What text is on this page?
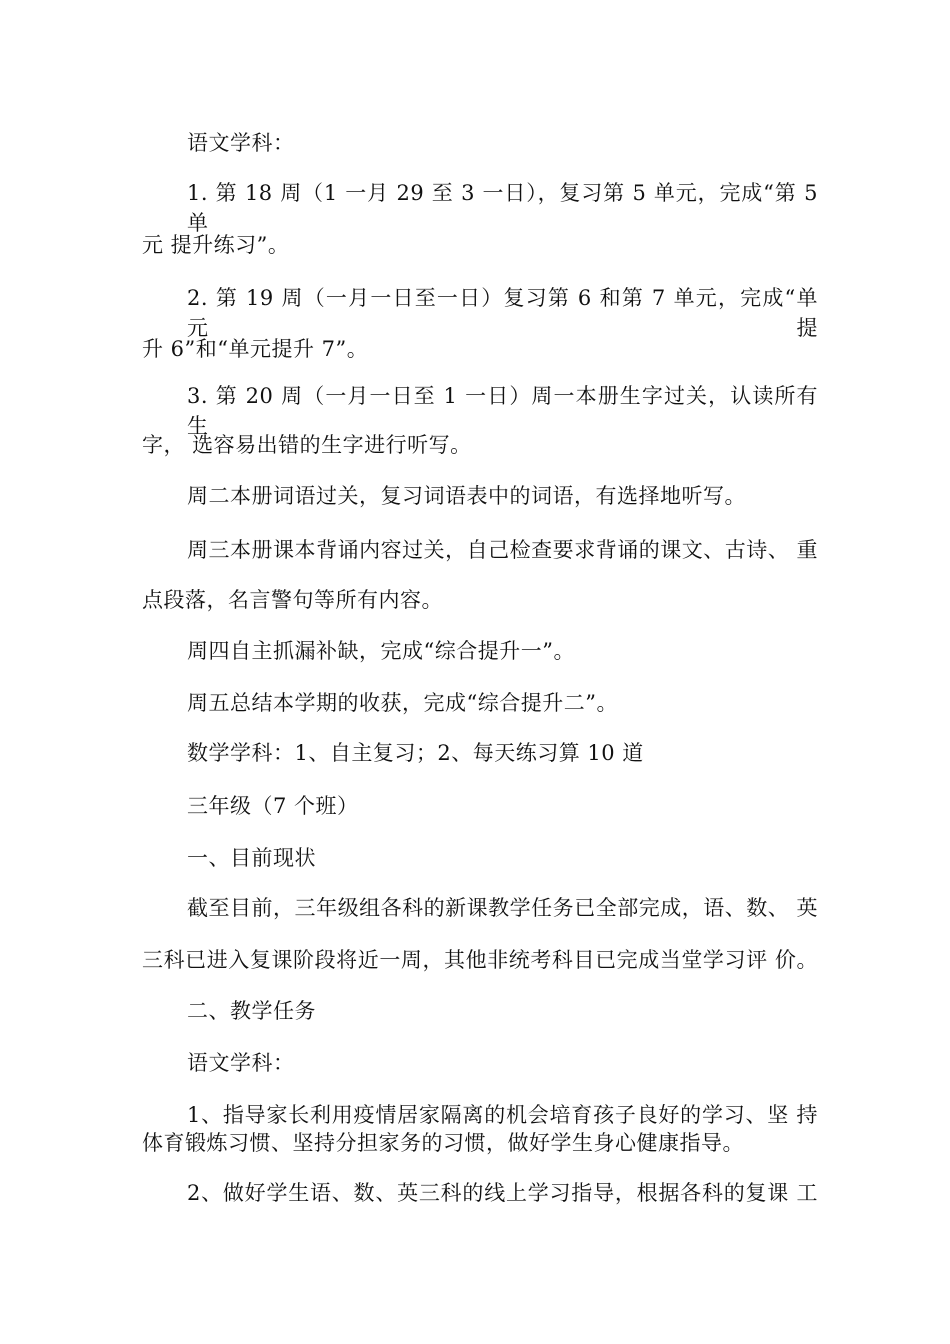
语文学科：
1. 第 18 周（1 一月 29 至 3 一日），复习第 5 单元，完成“第 5 单
元 提升练习”。
2. 第 19 周（一月一日至一日）复习第 6 和第 7 单元，完成“单元提
升 6”和“单元提升 7”。
3. 第 20 周（一月一日至 1 一日）周一本册生字过关，认读所有生
字， 选容易出错的生字进行听写。
周二本册词语过关，复习词语表中的词语，有选择地听写。
周三本册课本背诵内容过关，自己检查要求背诵的课文、古诗、 重
点段落，名言警句等所有内容。
周四自主抓漏补缺，完成“综合提升一”。
周五总结本学期的收获，完成“综合提升二”。
数学学科：1、自主复习；2、每天练习算 10 道
三年级（7 个班）
一、目前现状
截至目前，三年级组各科的新课教学任务已全部完成，语、数、 英
三科已进入复课阶段将近一周，其他非统考科目已完成当堂学习评 价。
二、教学任务
语文学科：
1、指导家长利用疫情居家隔离的机会培育孩子良好的学习、坚 持
体育锻炼习惯、坚持分担家务的习惯，做好学生身心健康指导。
2、做好学生语、数、英三科的线上学习指导，根据各科的复课 工
